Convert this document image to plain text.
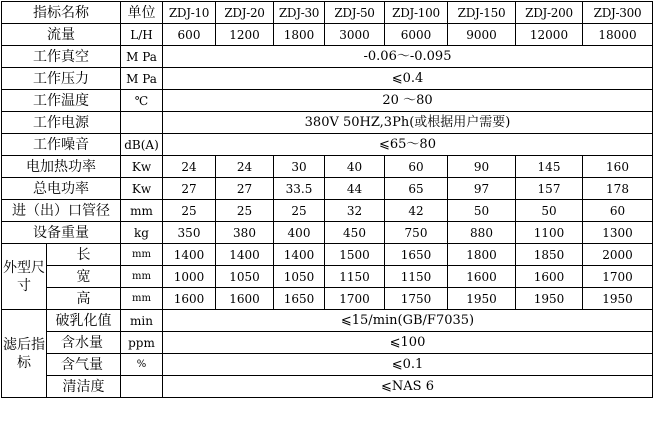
指标名称		单位	ZDJ-10	ZDJ-20	ZDJ-30	ZDJ-50	ZDJ-100	ZDJ-150	ZDJ-200	ZDJ-300
流量		L/H	600	1200	1800	3000	6000	9000	12000	18000
工作真空		M Pa	-0.06～-0.095							
工作压力		M Pa	⩽0.4							
工作温度		℃	20 ～80							
工作电源			380V 50HZ,3Ph(或根据用户需要)							
工作噪音		dB(A)	⩽65～80							
电加热功率		Kw	24	24	30	40	60	90	145	160
总电功率		Kw	27	27	33.5	44	65	97	157	178
进（出）口管径		mm	25	25	25	32	42	50	50	60
设备重量		kg	350	380	400	450	750	880	1100	1300
外型尺寸	长	mm	1400	1400	1400	1500	1650	1800	1850	2000
	宽	mm	1000	1050	1050	1150	1150	1600	1600	1700
	高	mm	1600	1600	1650	1700	1750	1950	1950	1950
滤后指标	破乳化值	min	⩽15/min(GB/F7035)							
	含水量	ppm	⩽100							
	含气量	%	⩽0.1							
	清洁度		⩽NAS 6							
